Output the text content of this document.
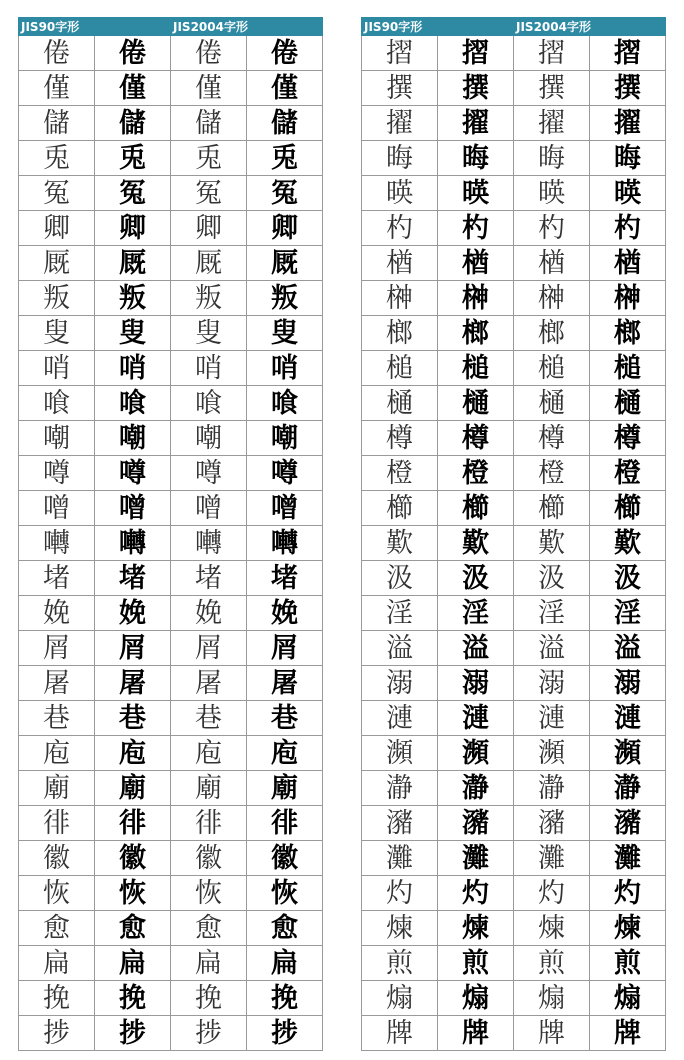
JIS90字形		JIS2004字形	
倦	倦	倦	倦
僅	僅	僅	僅
儲	儲	儲	儲
兎	兎	兎	兎
冤	冤	冤	冤
卿	卿	卿	卿
厩	厩	厩	厩
叛	叛	叛	叛
叟	叟	叟	叟
哨	哨	哨	哨
喰	喰	喰	喰
嘲	嘲	嘲	嘲
噂	噂	噂	噂
噌	噌	噌	噌
囀	囀	囀	囀
堵	堵	堵	堵
娩	娩	娩	娩
屑	屑	屑	屑
屠	屠	屠	屠
巷	巷	巷	巷
庖	庖	庖	庖
廟	廟	廟	廟
徘	徘	徘	徘
徽	徽	徽	徽
恢	恢	恢	恢
愈	愈	愈	愈
扁	扁	扁	扁
挽	挽	挽	挽
捗	捗	捗	捗
JIS90字形		JIS2004字形	
摺	摺	摺	摺
撰	撰	撰	撰
擢	擢	擢	擢
晦	晦	晦	晦
暎	暎	暎	暎
杓	杓	杓	杓
楢	楢	楢	楢
榊	榊	榊	榊
榔	榔	榔	榔
槌	槌	槌	槌
樋	樋	樋	樋
樽	樽	樽	樽
橙	橙	橙	橙
櫛	櫛	櫛	櫛
歎	歎	歎	歎
汲	汲	汲	汲
淫	淫	淫	淫
溢	溢	溢	溢
溺	溺	溺	溺
漣	漣	漣	漣
瀕	瀕	瀕	瀕
瀞	瀞	瀞	瀞
瀦	瀦	瀦	瀦
灘	灘	灘	灘
灼	灼	灼	灼
煉	煉	煉	煉
煎	煎	煎	煎
煽	煽	煽	煽
牌	牌	牌	牌
